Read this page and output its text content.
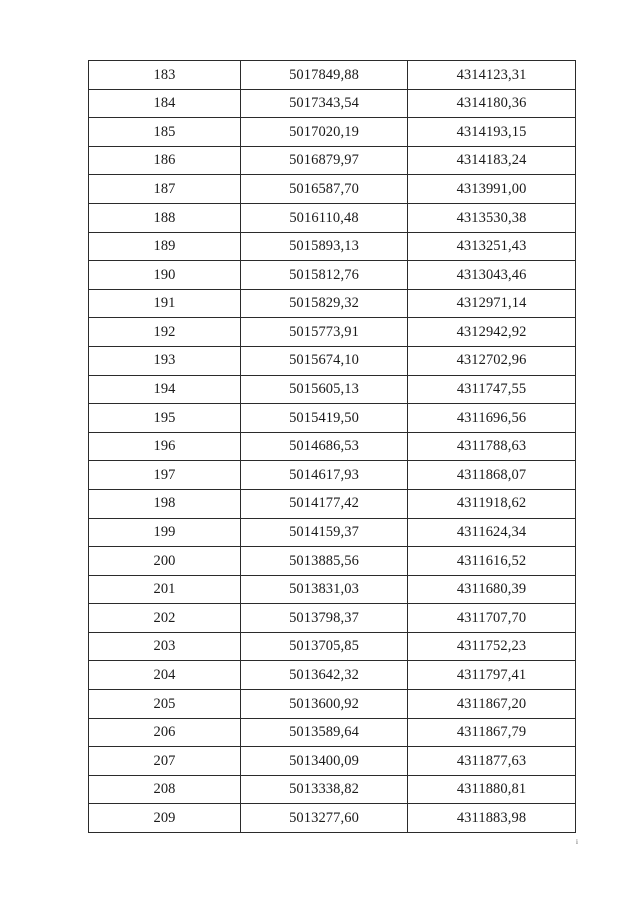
183	5017849,88	4314123,31
184	5017343,54	4314180,36
185	5017020,19	4314193,15
186	5016879,97	4314183,24
187	5016587,70	4313991,00
188	5016110,48	4313530,38
189	5015893,13	4313251,43
190	5015812,76	4313043,46
191	5015829,32	4312971,14
192	5015773,91	4312942,92
193	5015674,10	4312702,96
194	5015605,13	4311747,55
195	5015419,50	4311696,56
196	5014686,53	4311788,63
197	5014617,93	4311868,07
198	5014177,42	4311918,62
199	5014159,37	4311624,34
200	5013885,56	4311616,52
201	5013831,03	4311680,39
202	5013798,37	4311707,70
203	5013705,85	4311752,23
204	5013642,32	4311797,41
205	5013600,92	4311867,20
206	5013589,64	4311867,79
207	5013400,09	4311877,63
208	5013338,82	4311880,81
209	5013277,60	4311883,98
i
